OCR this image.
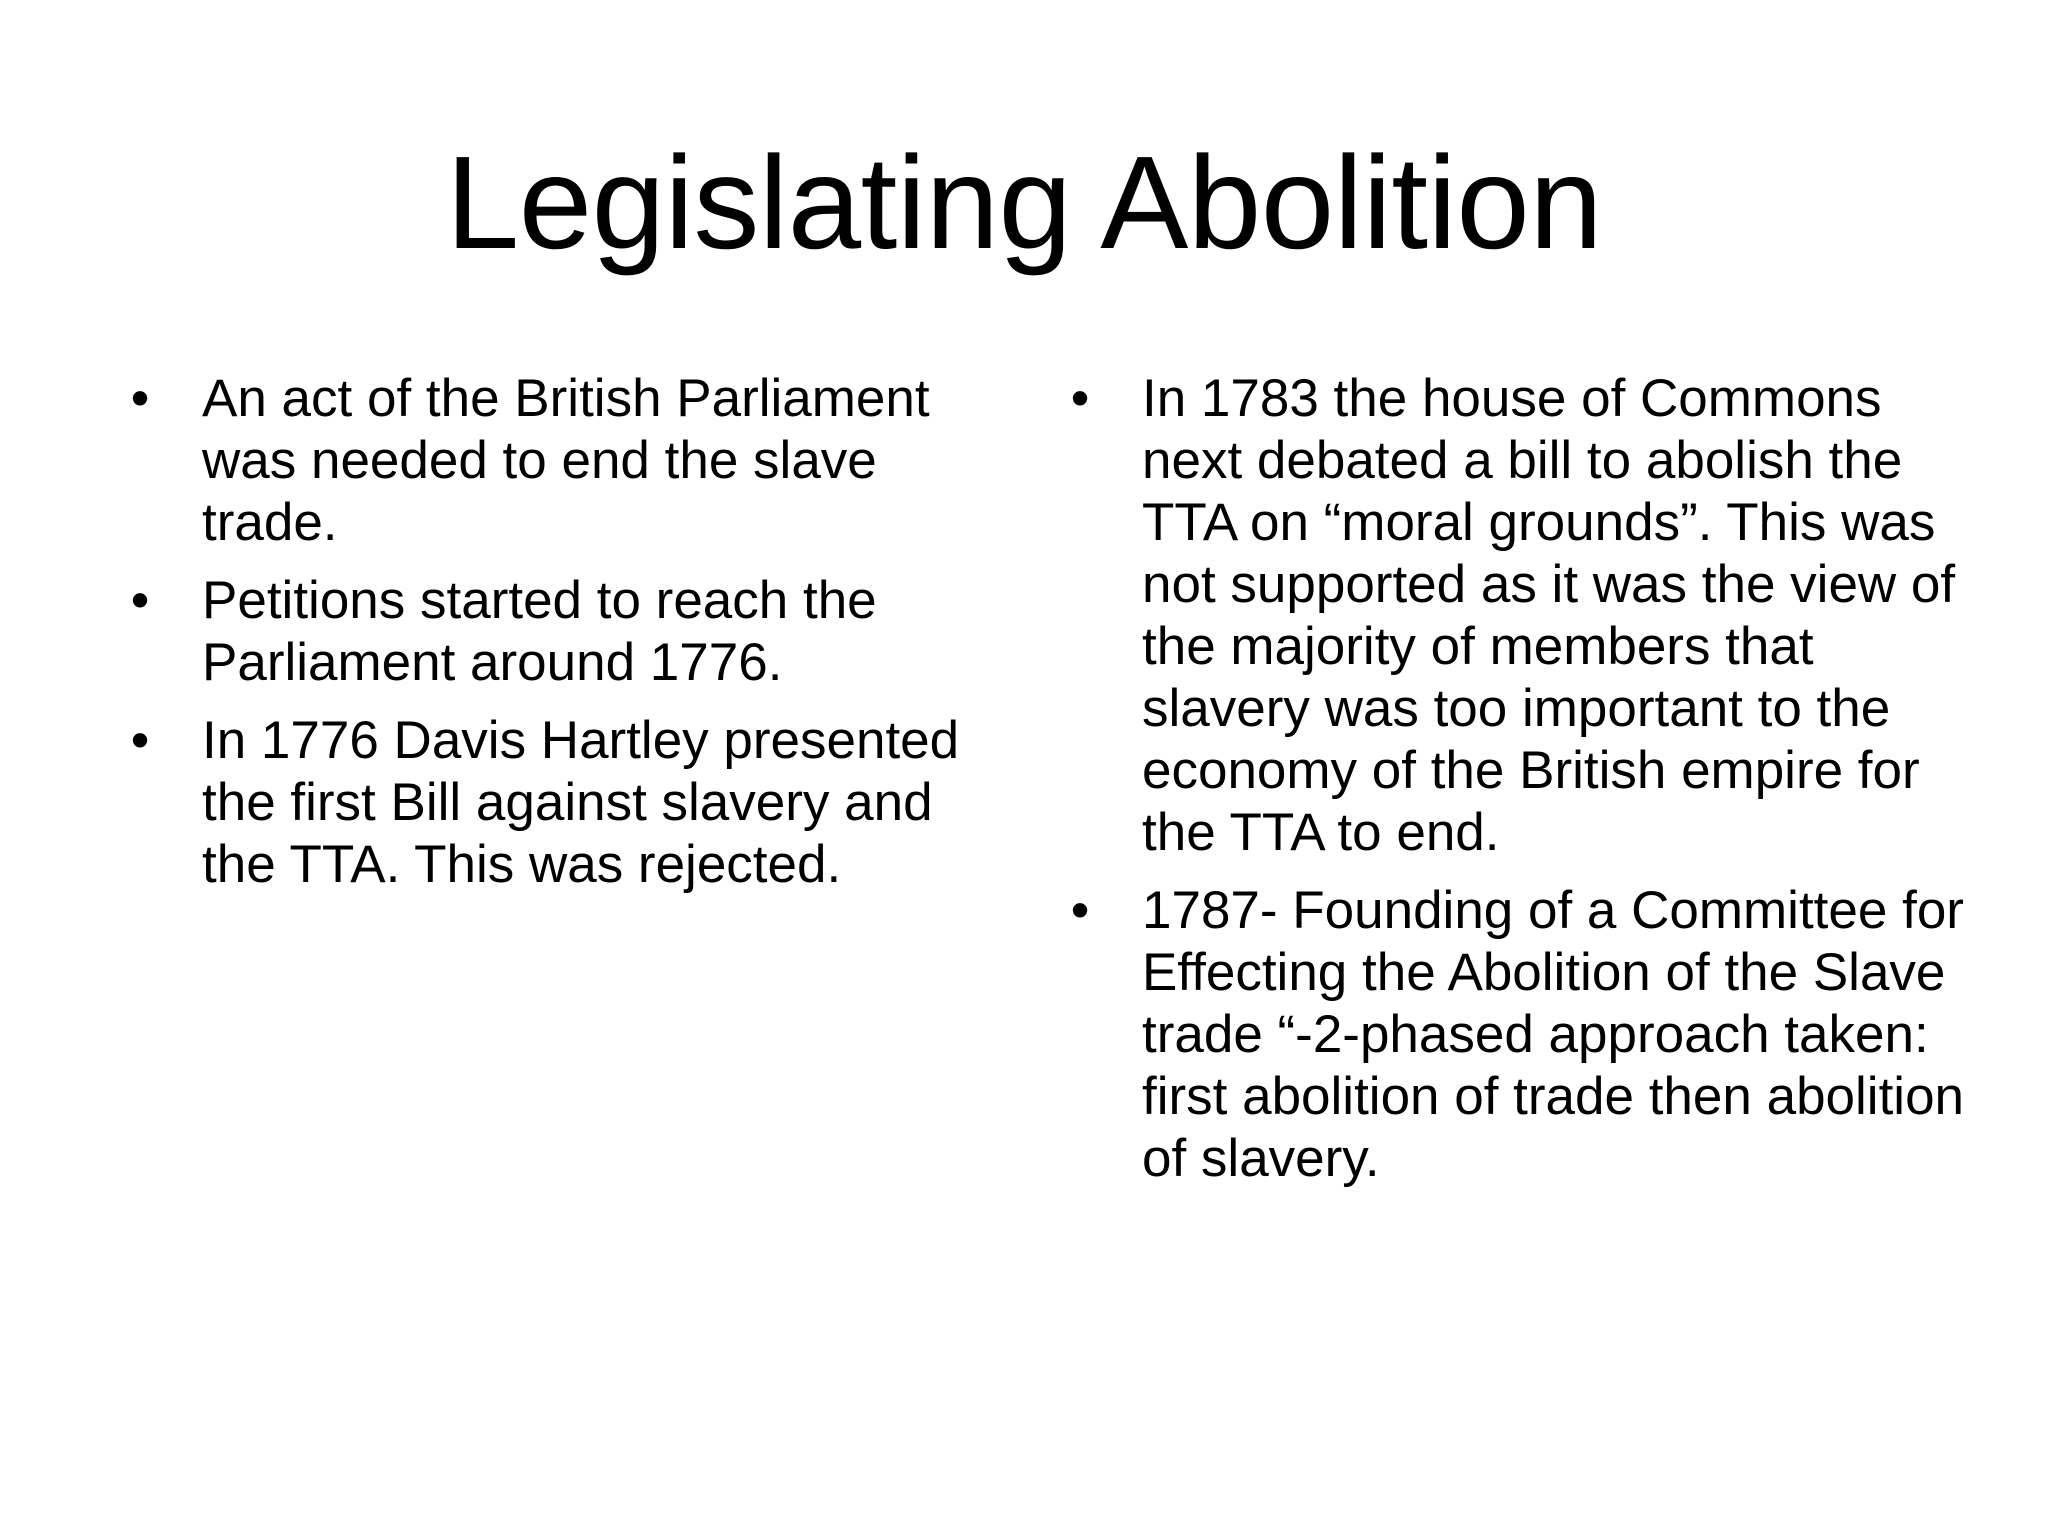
Legislating Abolition
• An act of the British Parliament was needed to end the slave trade.
• Petitions started to reach the Parliament around 1776.
• In 1776 Davis Hartley presented the first Bill against slavery and the TTA. This was rejected.
• In 1783 the house of Commons next debated a bill to abolish the TTA on “moral grounds”. This was not supported as it was the view of the majority of members that slavery was too important to the economy of the British empire for the TTA to end.
• 1787- Founding of a Committee for Effecting the Abolition of the Slave trade “-2-phased approach taken: first abolition of trade then abolition of slavery.
